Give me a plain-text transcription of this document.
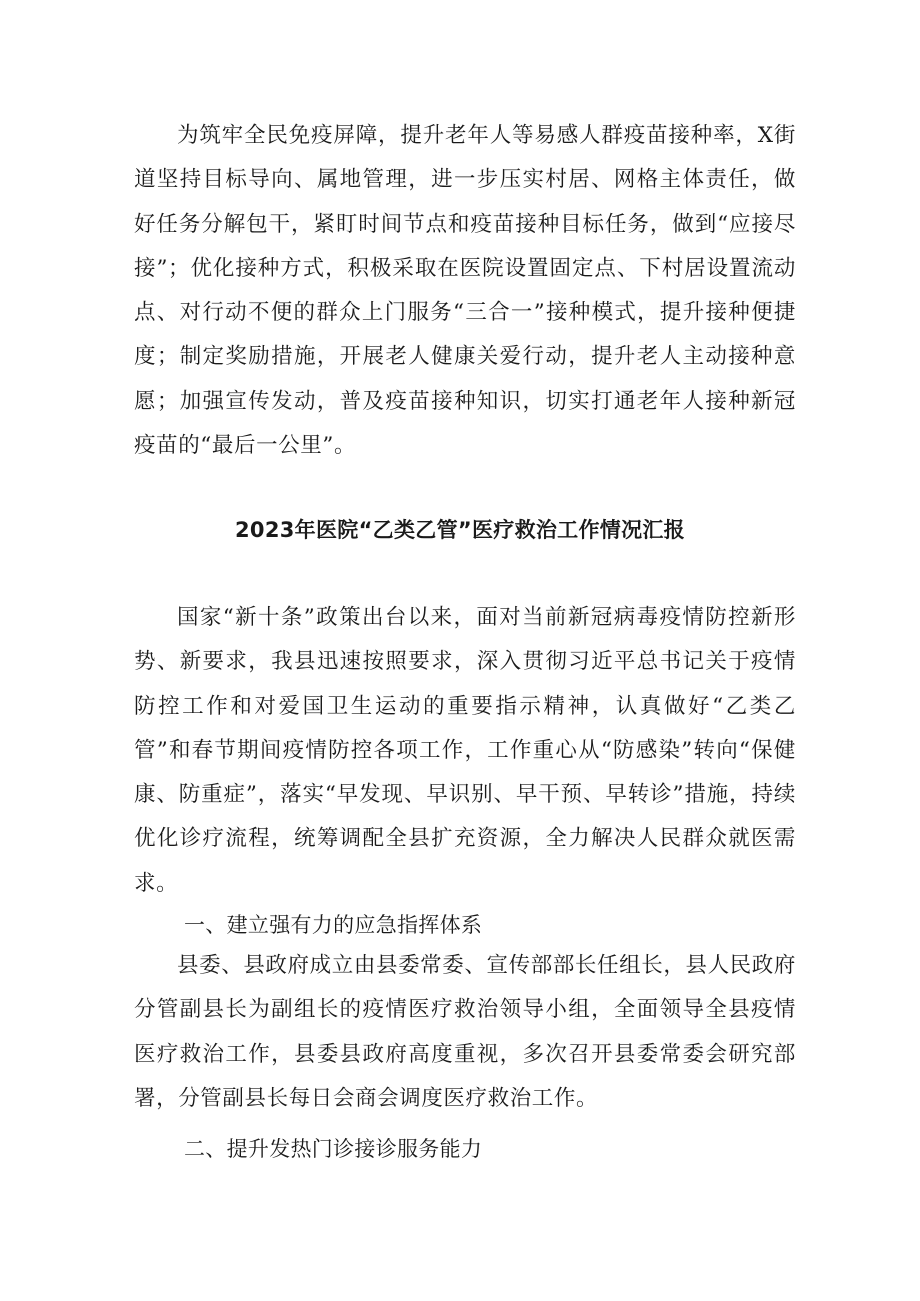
为筑牢全民免疫屏障，提升老年人等易感人群疫苗接种率，X街道坚持目标导向、属地管理，进一步压实村居、网格主体责任，做好任务分解包干，紧盯时间节点和疫苗接种目标任务，做到“应接尽接”；优化接种方式，积极采取在医院设置固定点、下村居设置流动点、对行动不便的群众上门服务“三合一”接种模式，提升接种便捷度；制定奖励措施，开展老人健康关爱行动，提升老人主动接种意愿；加强宣传发动，普及疫苗接种知识，切实打通老年人接种新冠疫苗的“最后一公里”。

2023年医院“乙类乙管”医疗救治工作情况汇报

国家“新十条”政策出台以来，面对当前新冠病毒疫情防控新形势、新要求，我县迅速按照要求，深入贯彻习近平总书记关于疫情防控工作和对爱国卫生运动的重要指示精神，认真做好“乙类乙管”和春节期间疫情防控各项工作，工作重心从“防感染”转向“保健康、防重症”，落实“早发现、早识别、早干预、早转诊”措施，持续优化诊疗流程，统筹调配全县扩充资源，全力解决人民群众就医需求。

一、建立强有力的应急指挥体系

县委、县政府成立由县委常委、宣传部部长任组长，县人民政府分管副县长为副组长的疫情医疗救治领导小组，全面领导全县疫情医疗救治工作，县委县政府高度重视，多次召开县委常委会研究部署，分管副县长每日会商会调度医疗救治工作。

二、提升发热门诊接诊服务能力
